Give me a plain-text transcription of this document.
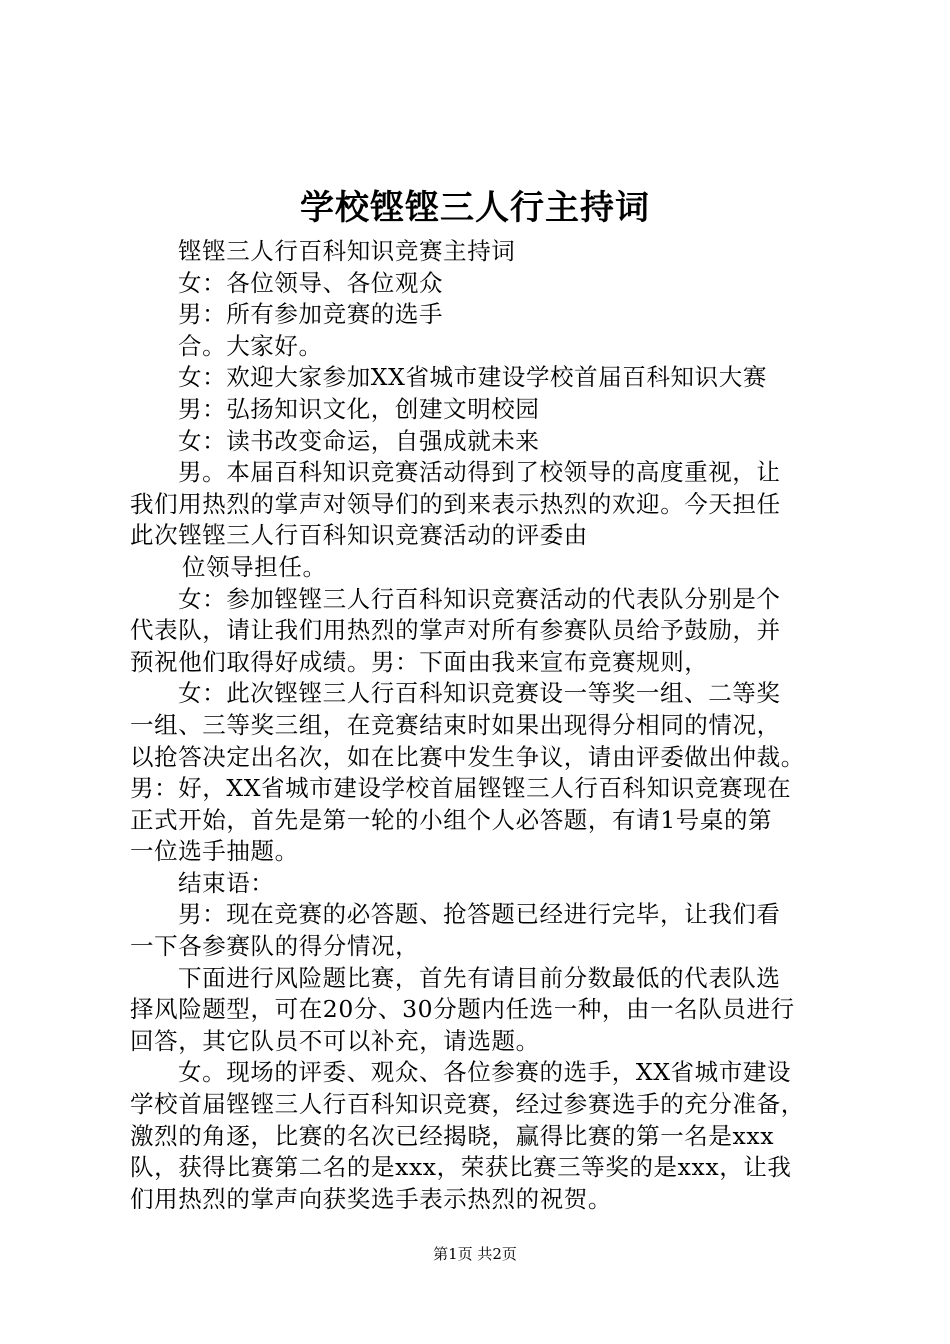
学校铿铿三人行主持词
铿铿三人行百科知识竞赛主持词
女：各位领导、各位观众
男：所有参加竞赛的选手
合。大家好。
女：欢迎大家参加XX省城市建设学校首届百科知识大赛
男：弘扬知识文化，创建文明校园
女：读书改变命运，自强成就未来
男。本届百科知识竞赛活动得到了校领导的高度重视，让
我们用热烈的掌声对领导们的到来表示热烈的欢迎。今天担任
此次铿铿三人行百科知识竞赛活动的评委由
位领导担任。
女：参加铿铿三人行百科知识竞赛活动的代表队分别是个
代表队，请让我们用热烈的掌声对所有参赛队员给予鼓励，并
预祝他们取得好成绩。男：下面由我来宣布竞赛规则，
女：此次铿铿三人行百科知识竞赛设一等奖一组、二等奖
一组、三等奖三组，在竞赛结束时如果出现得分相同的情况，
以抢答决定出名次，如在比赛中发生争议，请由评委做出仲裁。
男：好，XX省城市建设学校首届铿铿三人行百科知识竞赛现在
正式开始，首先是第一轮的小组个人必答题，有请1号桌的第
一位选手抽题。
结束语：
男：现在竞赛的必答题、抢答题已经进行完毕，让我们看
一下各参赛队的得分情况，
下面进行风险题比赛，首先有请目前分数最低的代表队选
择风险题型，可在20分、30分题内任选一种，由一名队员进行
回答，其它队员不可以补充，请选题。
女。现场的评委、观众、各位参赛的选手，XX省城市建设
学校首届铿铿三人行百科知识竞赛，经过参赛选手的充分准备，
激烈的角逐，比赛的名次已经揭晓，赢得比赛的第一名是xxx
队，获得比赛第二名的是xxx，荣获比赛三等奖的是xxx，让我
们用热烈的掌声向获奖选手表示热烈的祝贺。
第1页 共2页
